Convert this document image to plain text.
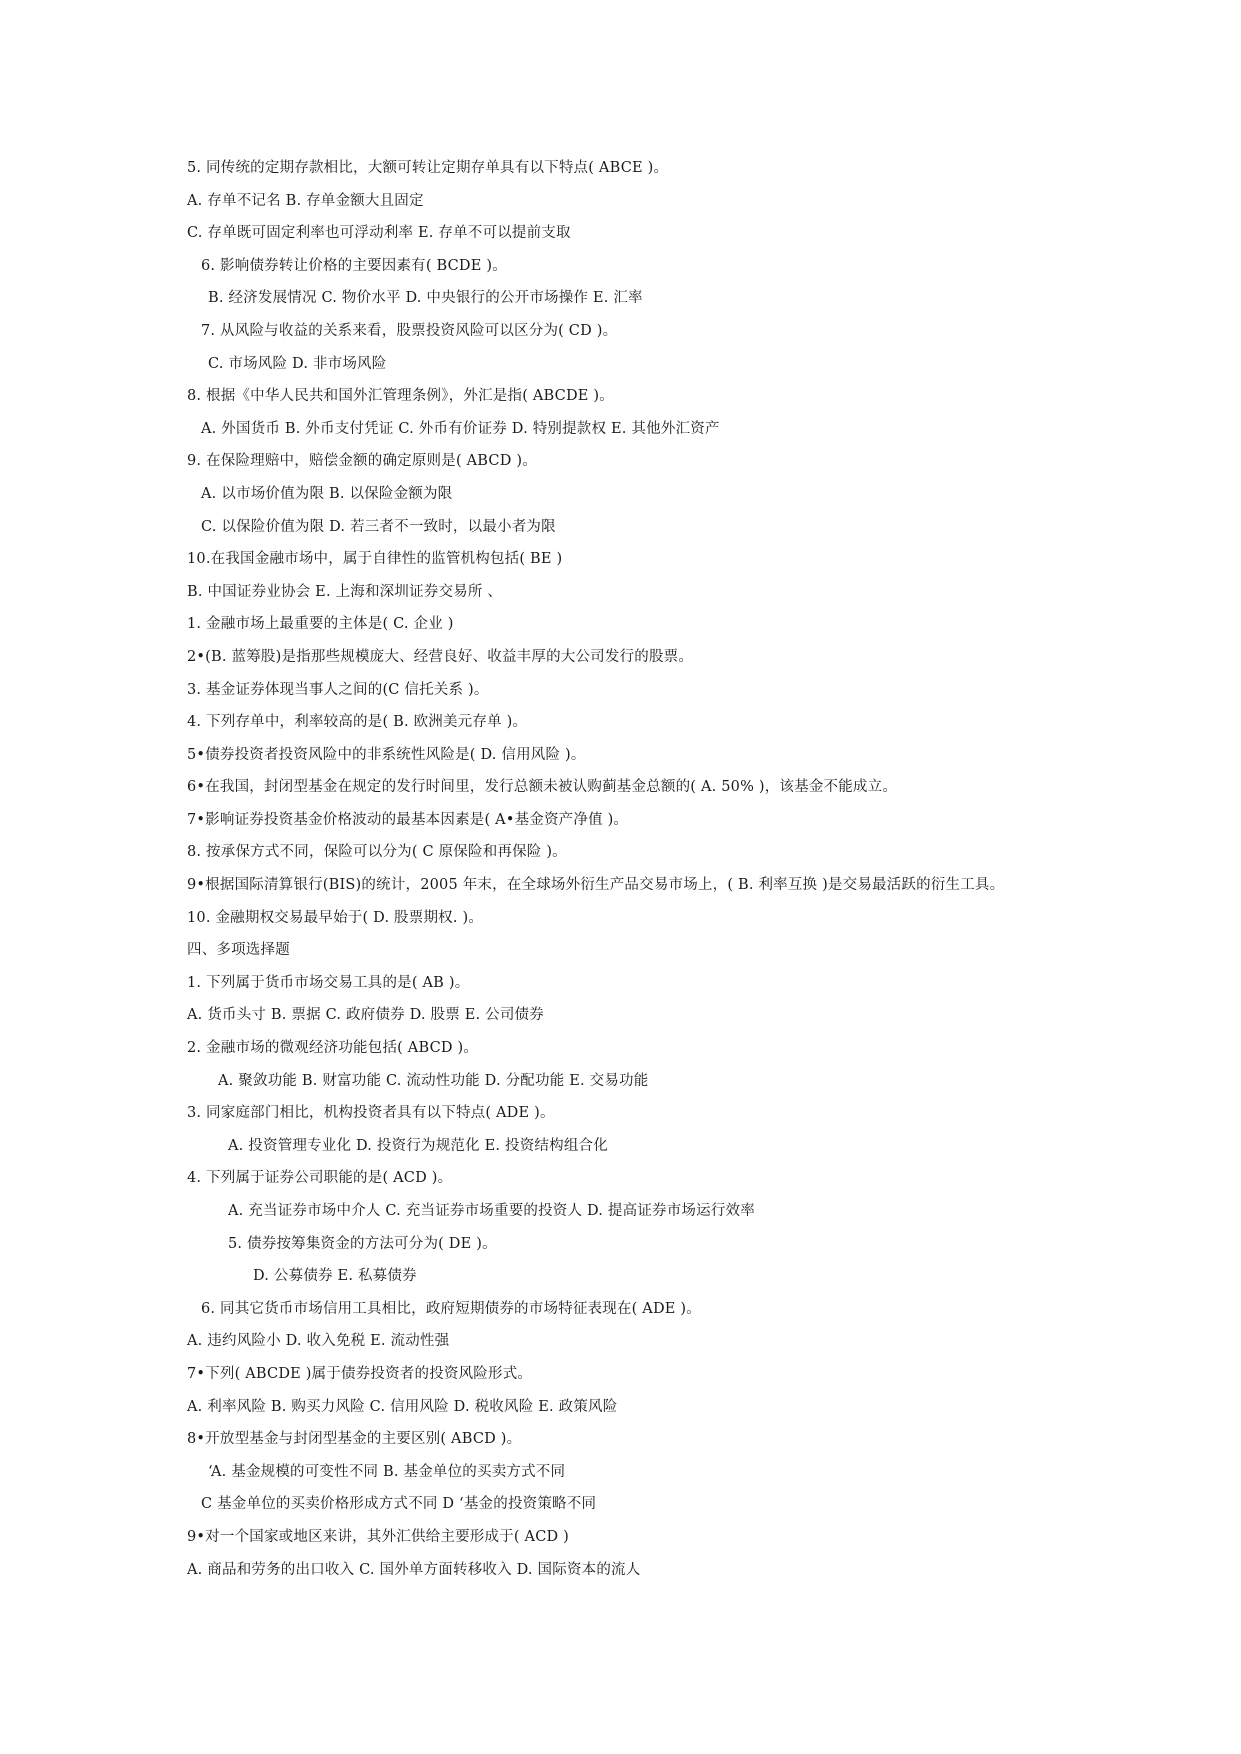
5. 同传统的定期存款相比，大额可转让定期存单具有以下特点( ABCE )。
A. 存单不记名 B. 存单金额大且固定
C. 存单既可固定利率也可浮动利率 E. 存单不可以提前支取
6. 影响债券转让价格的主要因素有( BCDE )。
B. 经济发展情况 C. 物价水平 D. 中央银行的公开市场操作 E. 汇率
7. 从风险与收益的关系来看，股票投资风险可以区分为( CD )。
C. 市场风险 D. 非市场风险
8. 根据《中华人民共和国外汇管理条例》，外汇是指( ABCDE )。
A. 外国货币 B. 外币支付凭证 C. 外币有价证券 D. 特别提款权 E. 其他外汇资产
9. 在保险理赔中，赔偿金额的确定原则是( ABCD )。
A. 以市场价值为限 B. 以保险金额为限
C. 以保险价值为限 D. 若三者不一致时，以最小者为限
10.在我国金融市场中，属于自律性的监管机构包括( BE )
B. 中国证券业协会 E. 上海和深圳证券交易所 、
1. 金融市场上最重要的主体是( C. 企业 )
2•(B. 蓝筹股)是指那些规模庞大、经营良好、收益丰厚的大公司发行的股票。
3. 基金证券体现当事人之间的(C 信托关系 )。
4. 下列存单中，利率较高的是( B. 欧洲美元存单 )。
5•债券投资者投资风险中的非系统性风险是( D. 信用风险 )。
6•在我国，封闭型基金在规定的发行时间里，发行总额未被认购蓟基金总额的( A. 50% )，该基金不能成立。
7•影响证券投资基金价格波动的最基本因素是( A•基金资产净值 )。
8. 按承保方式不同，保险可以分为( C 原保险和再保险 )。
9•根据国际清算银行(BIS)的统计，2005 年末，在全球场外衍生产品交易市场上，( B. 利率互换 )是交易最活跃的衍生工具。
10. 金融期权交易最早始于( D. 股票期权. )。
四、多项选择题
1. 下列属于货币市场交易工具的是( AB )。
A. 货币头寸 B. 票据 C. 政府债券 D. 股票 E. 公司债券
2. 金融市场的微观经济功能包括( ABCD )。
A. 聚敛功能 B. 财富功能 C. 流动性功能 D. 分配功能 E. 交易功能
3. 同家庭部门相比，机构投资者具有以下特点( ADE )。
A. 投资管理专业化 D. 投资行为规范化 E. 投资结构组合化
4. 下列属于证券公司职能的是( ACD )。
A. 充当证券市场中介人 C. 充当证券市场重要的投资人 D. 提高证券市场运行效率
5. 债券按筹集资金的方法可分为( DE )。
D. 公募债券 E. 私募债券
6. 同其它货币市场信用工具相比，政府短期债券的市场特征表现在( ADE )。
A. 违约风险小 D. 收入免税 E. 流动性强
7•下列( ABCDE )属于债券投资者的投资风险形式。
A. 利率风险 B. 购买力风险 C. 信用风险 D. 税收风险 E. 政策风险
8•开放型基金与封闭型基金的主要区别( ABCD )。
‘A. 基金规模的可变性不同 B. 基金单位的买卖方式不同
C 基金单位的买卖价格形成方式不同 D ‘基金的投资策略不同
9•对一个国家或地区来讲，其外汇供给主要形成于( ACD )
A. 商品和劳务的出口收入 C. 国外单方面转移收入 D. 国际资本的流人
